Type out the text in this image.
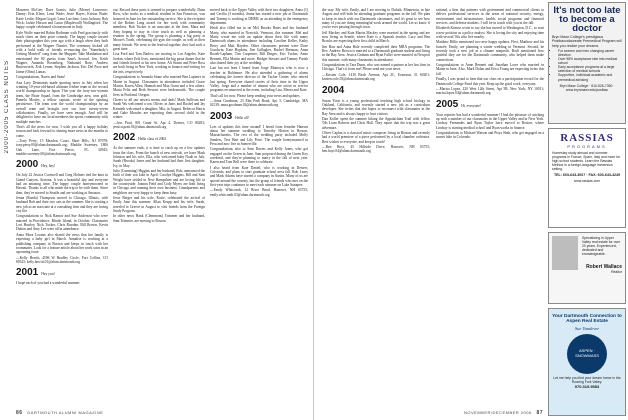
2000-2005 CLASS NOTES

Maureen McGee; Dave Gomis; Julie (Morse) Lawrence; Danny; Erin Klein; Lena Wade; Jesse Hayes; Kristin Wade; Katie Leslie; Megan Gogol; Lena Lucchini; Lena Jackson; Rob Wick; Jackie Hixson and Laura (Maplewall) Wallingford. The happy couple celebrated a honeymoon in Italy.

Kyle Wolfe married Robin Rothman with Fred graciously with much cheer on their prior comedy. The happy couple trusted their photographer this year ago with a laugh when they both performed at the Wagner Theater. The ceremony kicked off with a bold walk of friends re-enacting the "Somebody's Getting Married" song from the Muppets Take Manhattan and entertained the 80 guests from Sam's Second. Jen, Keith Wagner, Amanda Rosenberg, Nathaniel Rose, Andrew Butterworth, Erik Lerner, Stephen Jackson, Eric Del Pozo and Jaime (Ohm) Lamas.

Congratulations, Norris and Sean!

Ana Lucy Desmarais made sporting news in July when her winning 10-year-old-based ultimate frisbee team in the second world championship in Japan. This year the forty-two-women team, the Brute Squad, from the Cambridge area, won gold. Pamela Mosley, a fellow captain, wrote of the sporting persistence. The team won the world championships by an overall team and brought over our lone twenty-seven collaborators. Finally, we have seen enough. And will be delighted to have our local members the sports community with multiple matches.

That's all the news for now. I wish you all a happy holiday season and look forward to sharing more news in the months to come.

—Tony Perry, 15 Meadow Court, Short Hills, NJ 07078; tony.perry.00@alum.dartmouth.org; Maddie Sweeney, 1806 Oak Lane, Fort Pierce, FL 34945; maddie.sweeney.00@alum.dartmouth.org

2000 Hey, hey!

On July 22 Jessica Cornwell and Greg Holmes tied the knot in Grand Canyon, Arizona. It was a beautiful day and everyone had an amazing time. The happy couple honeymooned in Hawaii. Thanks to all who made the trip to be with them. Since then, they've moved to Seattle and are working at Amazon.

Jenna (Rueda) Thompson moved to Chicago, Illinois, with husband Rob and their two cats in the summer. She is starting a new job as an associate at a consulting firm and they are loving city life.

Congratulations to Nick Ramos and Sue Anderson who were married in Providence, Rhode Island, in October. Classmates Lori Hawley, Nick Tucker, Chris Riordan, Bill Brown, Kevin Dutton and Amy Lee were all in attendance.

Anna Mora Loomis also shared the news that her family is expecting a baby girl in March. Annalise is working at a publishing company in Boston and keeps in touch with her roommates. Look for a feature article about her work soon in an upcoming issue.

—Kelly Hewitt, 4506 W Bradley Circle, Fort Collins, CO 80525; kelly.hewitt.01@alum.dartmouth.org

2001 Hey you!

I hope each of you had a wonderful summer.

out. Record these parts it seemed to prepare wonderfully. Dana Ross, who works as a medical resident in San Francisco, was honored in June for her outstanding service. She is the recipient of the Robert Long award for her work with community members. Rob Tucker is an associate at the firm, Mara and Amy hoping to stay in close touch as well as planning a reunion in the spring. The group is planning a big party at Moose's Tooth, celebrating the gym the couple, as well as their many friends. We went to the festival together, they had such a great time.

Lisa Ford and Tom Barlow are moving to Los Angeles. Kate Jordan, where Erik lives, mentioned the big pasta dinner that he and friends hosted at his new home. Ali Sturm and Peter Ross are both living in New York, working in finance and writing for the arts, respectively.

Congratulations to Amanda Stone who married Ben Lapierre in Maine in August. Classmates in attendance included Grace Martin, Karen Allen, Hannah and Max Grant and a few others. Maria Feliz and Beth Stewart were bridesmaids. The couple lives in Portland, Oregon.

Cheers to all our newest moms and dads! Mark Sullivan and Sarah Wu welcomed a son, Oliver, in June, and Rachel and Jay Kenneth welcomed a daughter, Mia, in August. Rebecca Harris and Gabe Morales are expecting their second child in the winter.

—Jess Pratt, 801 Grant St, Apt 4, Denver, CO 80203; jessica.pratt.01@alum.dartmouth.org

2002 Hello class of 2002

As the summer ends, it is time to catch up on a few updates from the class. From the bunch of new arrivals, we have Mark Johnson and his wife, Ella, who welcomed baby Noah in July. Sarah (Brooks) Jones and her husband had their first daughter, Ivy, in May.

Julie (Cumming) Higgins and her husband, Rob, announced the birth of their son Jake in April. Carolyn Higgins, Bill and Sam Wright have settled in New Hampshire and are loving life in the countryside. Joanna Field and Cody Myers are both living in Chicago and running their own business. Grandparents and neighbors are very happy to keep them busy.

Jesse Berger and his wife, Rosie, celebrated the arrival of Emily Jane this summer. Allan Krupp and his wife, Sarah, traveled to Greece in August to visit friends from the Foreign Study Program.

In other news Hank (Clemmons) Trimmer and her husband, Sam Trimmer, are moving to Boston.

moved back to the Upper Valley with their two daughters, Anna (1) and Cecilia (3 months). Jenna has started a new job at Dartmouth and Tommy is working at DHMC as an attending in the emergency department.

Heidi also filled me in on Mel Brooks Bates and her husband Marty, who married in Norwich, Vermont, this summer. Mel and Marty wrote me with an update about their life with many Dartmouth alums in attendance including Caroline Keller, Kathy Berry and Matt Hayden. Other classmates present were Dave Goodwin, Kate Hopkins, Jim Gallagher, Rachel Brennan, Anna Rozek-Lapham, Tim Carpenter, Bill Dinges, Eric Tucker, Amie Bennett, Ella Martin and more. Bridget Stewart and Tommy Parish also shared their joy at the wedding.

Last but not least I heard from Jorge Montoya, who is now a teacher in Baltimore. He also attended a gathering of alums celebrating the former director of the Tucker Center, who retired last spring. Everyone shared stories of their time in the Upper Valley. Jorge and a number of alumni who are active in service programs reconnected at the event, including Lisa, Meera and Kate.

That's all for now. Please keep sending your news and updates.

—Anna Goodman, 23 Elm Park Road, Apt 3, Cambridge, MA 02139; anna.goodman.02@alum.dartmouth.org

2003 Hello all!

Lots of updates this time around! I heard from Jennifer Hansen about her summer wedding to Timothy Horton in Boston, Massachusetts. The rest of the wedding party included Molly Sanders, Tess Hart and Lily Price. The couple honeymooned in Peru and now live in Somerville.

Congratulations also to Sam Davies and Kelly Jones, who got engaged on the Green in June. Sam proposed during the Green Key weekend, and they're planning to marry in the fall of next year. Karen and Tom Bell were there to celebrate.

I also heard from Kate Daniel, who is working in Denver, Colorado, and plans to start graduate school next fall. Rob Leary and Mark Adams have started a company in Austin. Many of us are spread around the country, but the group of friends who met on the first-year trips continues to meet each summer on Lake Sunapee.

—Emily Whitcomb, 12 River Bend, Hanover, NH 03755; emily.whitcomb.03@alum.dartmouth.org

86 DARTMOUTH ALUMNI MAGAZINE

the way. My wife, Emily, and I are moving to Duluth, Minnesota, in late August and will both be attending graduate programs in the fall. We plan to keep in touch with our Dartmouth classmates, and it's great to see how many of you are doing meaningful work around the world. Let us know if you're ever passing through town.

Jeff Mackey and Kate Martin Mackey were married in the spring and are now living in Seattle, where Kate is a Spanish teacher. Lucy and Ben Brooks are expecting their first child in March.

Jim Barr and Anna Hale recently completed their MBA programs. The Rev. Andrew Brown is married to a Dartmouth graduate student and living in the Bay Area. Jessica Graham and Ryan Fuller were married in Newport this summer, with many classmates in attendance.

Congratulations to Tara Dunn, who was named a partner at her law firm in Chicago. That's it from me! Please send me your news.

—Kristen Cole, 1410 Birch Avenue, Apt 2C, Evanston, IL 60201; kristen.cole.03@alum.dartmouth.org

2004

Susan Yoon is a young professional teaching high school biology in Oakland, California, and recently started a new job as a curriculum developer. She writes that she hopes to reconnect with classmates in the Bay Area and is always happy to host visitors.

Dan Koller spent the summer hiking the Appalachian Trail with fellow '04s Liam Roberts and Chris Hall. They report that the trip was a great adventure.

Oliver Caplan is a classical music composer living in Boston and recently had a world premiere of a piece performed by a local chamber orchestra. Best wishes to everyone, and keep in touch!

—Ben Hoyt, 45 Hillside Drive, Hanover, NH 03755; ben.hoyt.04@alum.dartmouth.org

rational, a firm that partners with government and commercial clients to deliver professional services in the areas of national security, energy, environment and infrastructure, health, social programs and financial services, and defense markets. I will be in touch with you in the fall.

Elizabeth Kirmse wrote to say she has moved to Washington, D.C., to start a new position as a policy analyst. She is loving the city and enjoying time with several '04s who live nearby.

Matthew Billie mentioned two new happy updates. First, Matthew and his fiancée, Emily, are planning a winter wedding in Vermont. Second, he recently took a new job at a climate nonprofit. Both mentioned how grateful they are for the Dartmouth community, who helped them make connections.

Congratulations to Anne Bennett and Jonathan Lowe who married in Maine in June. Also, Mark Dolan and Erica Young are expecting twins this fall.

Finally, I was proud to hear that our class set a participation record for the Dartmouth College Fund this year. Keep up the good work, everyone.

—Marisa Lopez, 220 West 12th Street, Apt 5B, New York, NY 10011; marisa.lopez.04@alum.dartmouth.org

2005 Hi, everyone!

Your reporter has had a wonderful summer! I had the pleasure of catching up with a number of our classmates in the Upper Valley and in New York. Lindsay Fernandes and Ryan Taylor have moved to Boston, where Lindsay is starting medical school and Ryan works in finance.

Congratulations to Michael Watson and Priya Shah, who got engaged on a sunset hike in Colorado.

NOVEMBER/DECEMBER 2006 87
It's not too late to become a doctor
Bryn Mawr College's prestigious Postbaccalaureate Premedical Program will help you realize your dreams.
• For women and men changing career direction
• Over 98% acceptance rate into medical school
• Early acceptance programs at a large selection of medical schools
• Supportive, individual academic and premedical advising
Bryn Mawr College · 610-526-7350 · www.brynmawr.edu/postbac
RASSIAS
PROGRAMS
Homestay study abroad and summer programs in France, Spain, Italy and more for high school students. Learn the Rassias Method in a foreign-language immersion setting.
TEL: 603-643-3007 · FAX: 603-643-4249
www.rassias.com
Specializing in Upper Valley real estate for over 20 years. Experienced, dedicated and knowledgeable.
Robert Wallace
Realtor
Your Dartmouth Connection to Aspen Real Estate
Sue Vandever
ASPEN · SNOWMASS
Let me help you find your dream home in the Roaring Fork Valley.
970.319.9583
